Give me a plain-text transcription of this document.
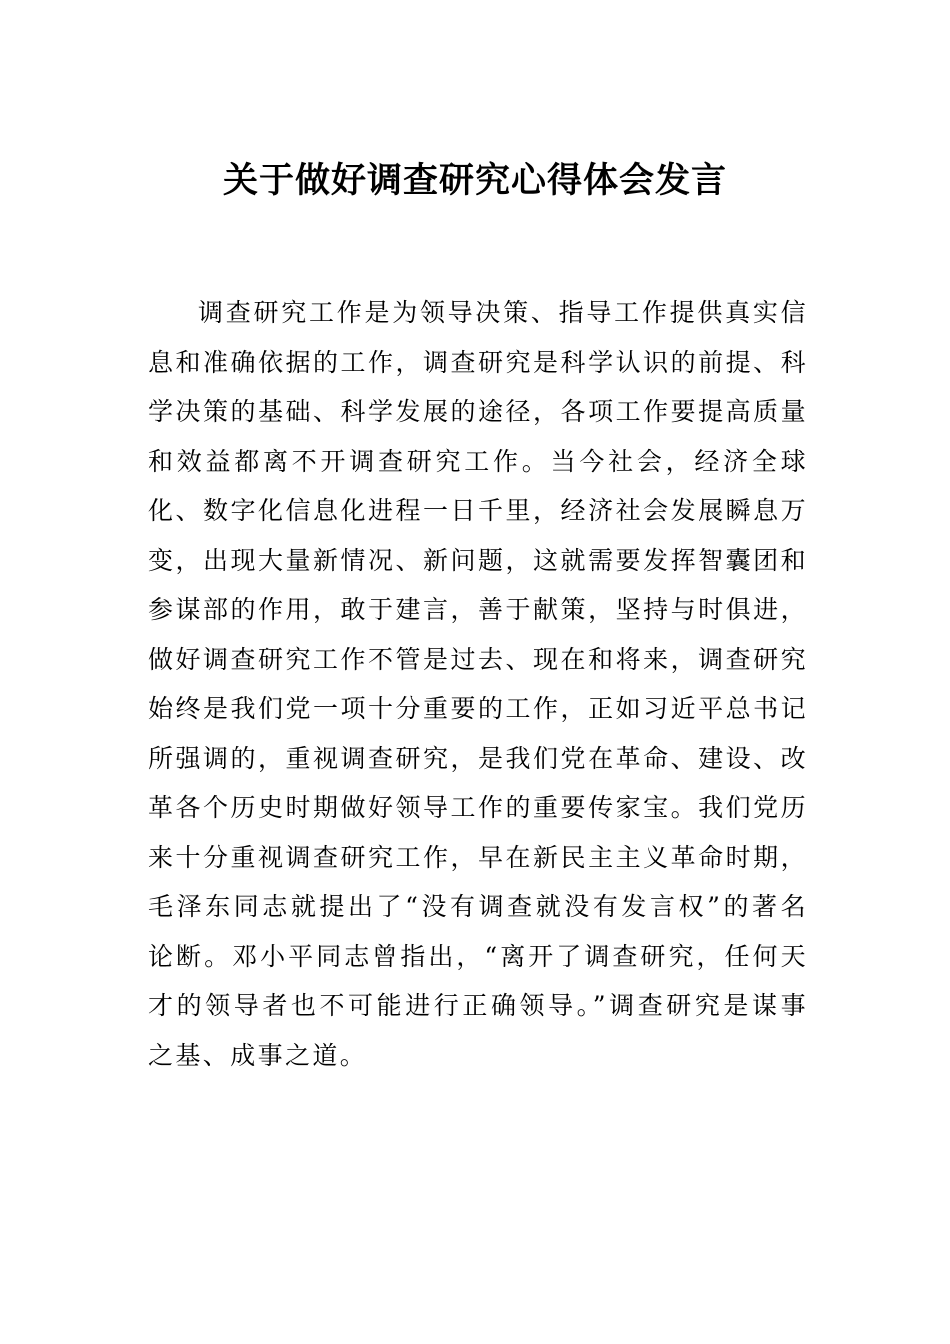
关于做好调查研究心得体会发言

调查研究工作是为领导决策、指导工作提供真实信息和准确依据的工作，调查研究是科学认识的前提、科学决策的基础、科学发展的途径，各项工作要提高质量和效益都离不开调查研究工作。当今社会，经济全球化、数字化信息化进程一日千里，经济社会发展瞬息万变，出现大量新情况、新问题，这就需要发挥智囊团和参谋部的作用，敢于建言，善于献策，坚持与时俱进，做好调查研究工作不管是过去、现在和将来，调查研究始终是我们党一项十分重要的工作，正如习近平总书记所强调的，重视调查研究，是我们党在革命、建设、改革各个历史时期做好领导工作的重要传家宝。我们党历来十分重视调查研究工作，早在新民主主义革命时期，毛泽东同志就提出了“没有调查就没有发言权”的著名论断。邓小平同志曾指出，“离开了调查研究，任何天才的领导者也不可能进行正确领导。”调查研究是谋事之基、成事之道。
